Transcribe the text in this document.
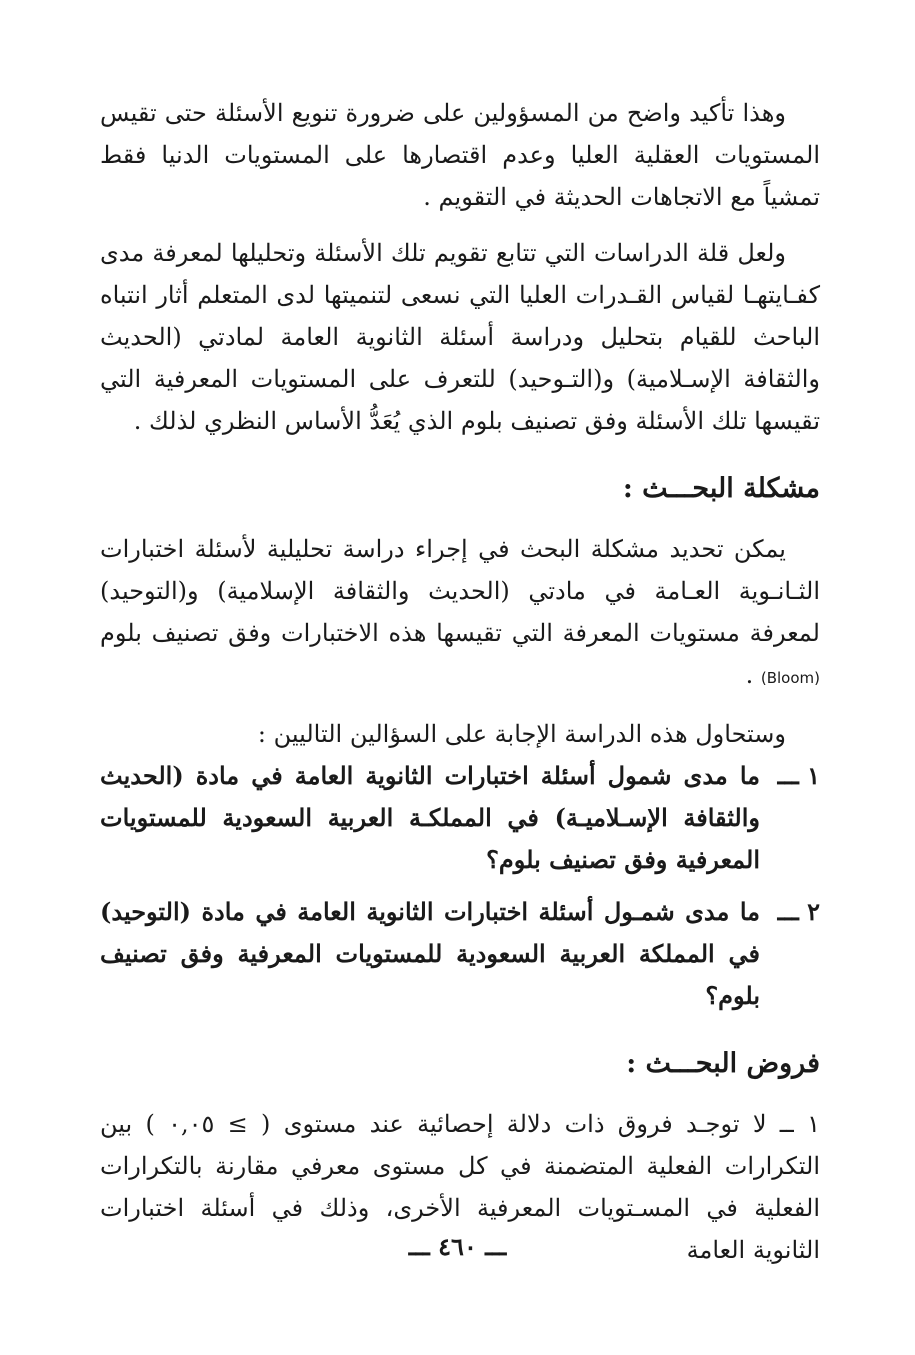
وهذا تأكيد واضح من المسؤولين على ضرورة تنويع الأسئلة حتى تقيس المستويات العقلية العليا وعدم اقتصارها على المستويات الدنيا فقط تمشياً مع الاتجاهات الحديثة في التقويم .

ولعل قلة الدراسات التي تتابع تقويم تلك الأسئلة وتحليلها لمعرفة مدى كفـايتهـا لقياس القـدرات العليا التي نسعى لتنميتها لدى المتعلم أثار انتباه الباحث للقيام بتحليل ودراسة أسئلة الثانوية العامة لمادتي (الحديث والثقافة الإسـلامية) و(التـوحيد) للتعرف على المستويات المعرفية التي تقيسها تلك الأسئلة وفق تصنيف بلوم الذي يُعَدُّ الأساس النظري لذلك .

مشكلة البحـــث :

يمكن تحديد مشكلة البحث في إجراء دراسة تحليلية لأسئلة اختبارات الثـانـوية العـامة في مادتي (الحديث والثقافة الإسلامية) و(التوحيد) لمعرفة مستويات المعرفة التي تقيسها هذه الاختبارات وفق تصنيف بلوم (Bloom) .

وستحاول هذه الدراسة الإجابة على السؤالين التاليين :

١ ـــ
ما مدى شمول أسئلة اختبارات الثانوية العامة في مادة (الحديث والثقافة الإسـلاميـة) في المملكـة العربية السعودية للمستويات المعرفية وفق تصنيف بلوم؟
٢ ـــ
ما مدى شمـول أسئلة اختبارات الثانوية العامة في مادة (التوحيد) في المملكة العربية السعودية للمستويات المعرفية وفق تصنيف بلوم؟
فروض البحـــث :

١ ــ لا توجـد فروق ذات دلالة إحصائية عند مستوى ( ≥ ٠,٠٥ ) بين التكرارات الفعلية المتضمنة في كل مستوى معرفي مقارنة بالتكرارات الفعلية في المسـتويات المعرفية الأخرى، وذلك في أسئلة اختبارات الثانوية العامة

ـــ ٤٦٠ ـــ
